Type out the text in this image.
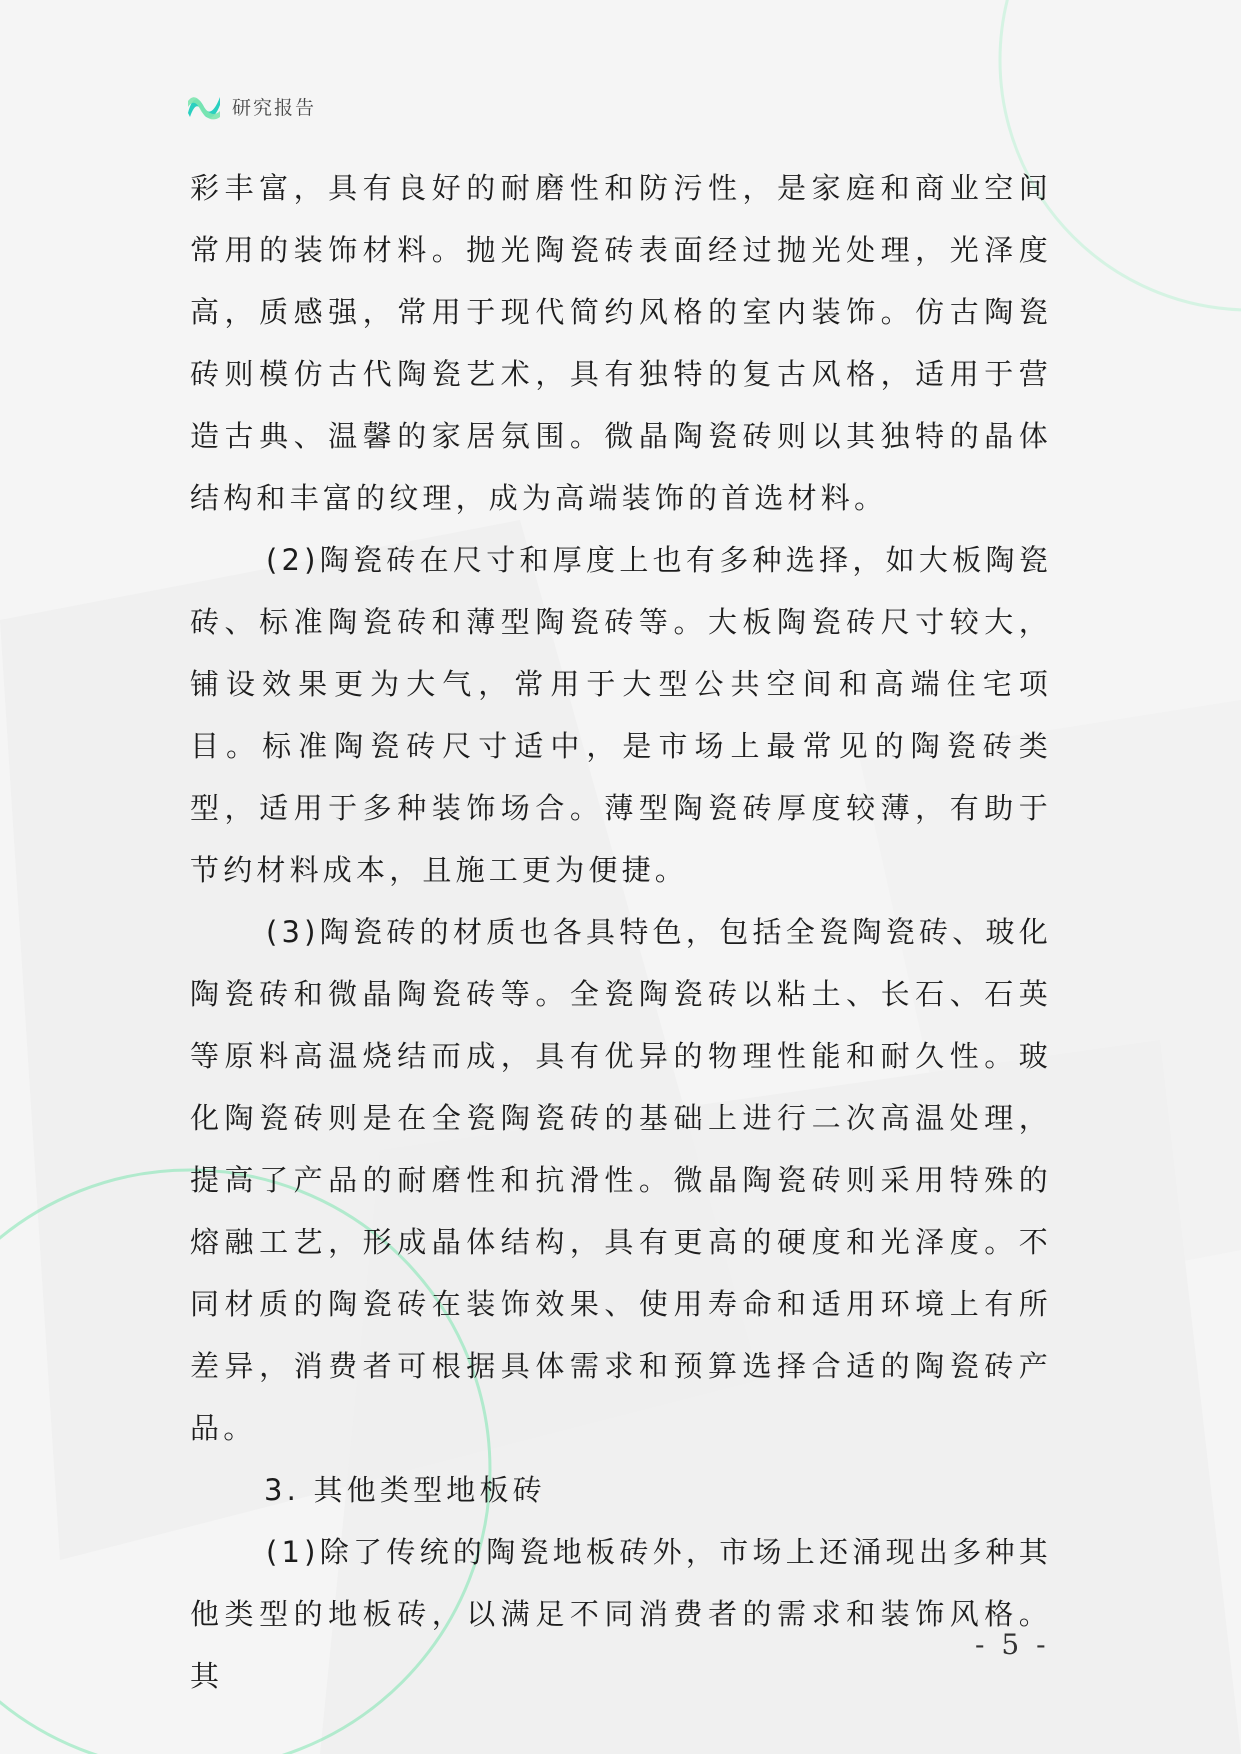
研究报告

彩丰富，具有良好的耐磨性和防污性，是家庭和商业空间常用的装饰材料。抛光陶瓷砖表面经过抛光处理，光泽度高，质感强，常用于现代简约风格的室内装饰。仿古陶瓷砖则模仿古代陶瓷艺术，具有独特的复古风格，适用于营造古典、温馨的家居氛围。微晶陶瓷砖则以其独特的晶体结构和丰富的纹理，成为高端装饰的首选材料。

(2)陶瓷砖在尺寸和厚度上也有多种选择，如大板陶瓷砖、标准陶瓷砖和薄型陶瓷砖等。大板陶瓷砖尺寸较大，铺设效果更为大气，常用于大型公共空间和高端住宅项目。标准陶瓷砖尺寸适中，是市场上最常见的陶瓷砖类型，适用于多种装饰场合。薄型陶瓷砖厚度较薄，有助于节约材料成本，且施工更为便捷。

(3)陶瓷砖的材质也各具特色，包括全瓷陶瓷砖、玻化陶瓷砖和微晶陶瓷砖等。全瓷陶瓷砖以粘土、长石、石英等原料高温烧结而成，具有优异的物理性能和耐久性。玻化陶瓷砖则是在全瓷陶瓷砖的基础上进行二次高温处理，提高了产品的耐磨性和抗滑性。微晶陶瓷砖则采用特殊的熔融工艺，形成晶体结构，具有更高的硬度和光泽度。不同材质的陶瓷砖在装饰效果、使用寿命和适用环境上有所差异，消费者可根据具体需求和预算选择合适的陶瓷砖产品。

3. 其他类型地板砖

(1)除了传统的陶瓷地板砖外，市场上还涌现出多种其他类型的地板砖，以满足不同消费者的需求和装饰风格。其

- 5 -
